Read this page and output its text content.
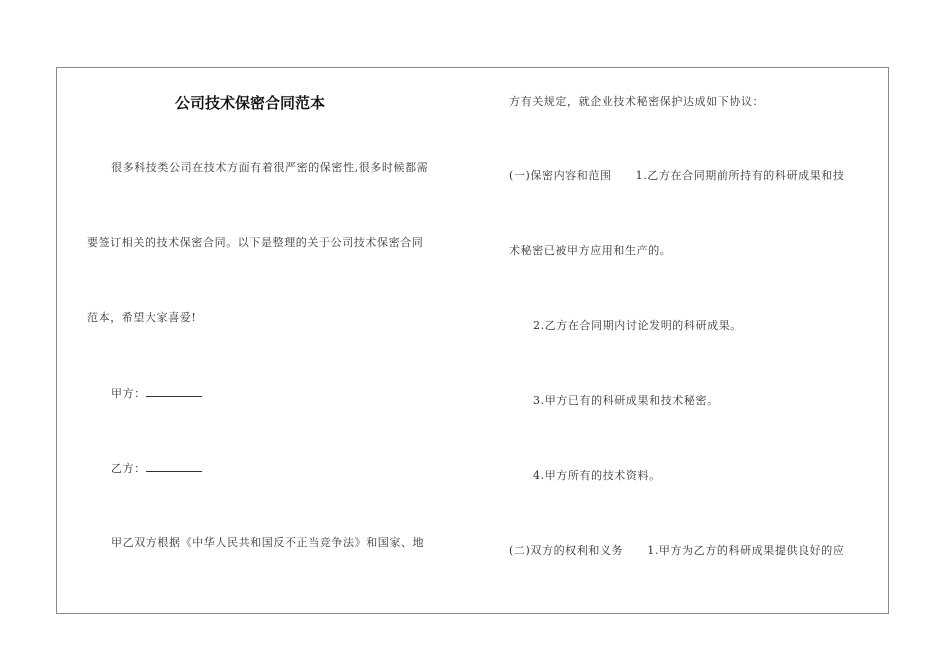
公司技术保密合同范本
很多科技类公司在技术方面有着很严密的保密性,很多时候都需
要签订相关的技术保密合同。以下是整理的关于公司技术保密合同
范本，希望大家喜爱!
甲方：
乙方：
甲乙双方根据《中华人民共和国反不正当竞争法》和国家、地
方有关规定，就企业技术秘密保护达成如下协议：
(一)保密内容和范围 1.乙方在合同期前所持有的科研成果和技
术秘密已被甲方应用和生产的。
2.乙方在合同期内讨论发明的科研成果。
3.甲方已有的科研成果和技术秘密。
4.甲方所有的技术资料。
(二)双方的权利和义务 1.甲方为乙方的科研成果提供良好的应
